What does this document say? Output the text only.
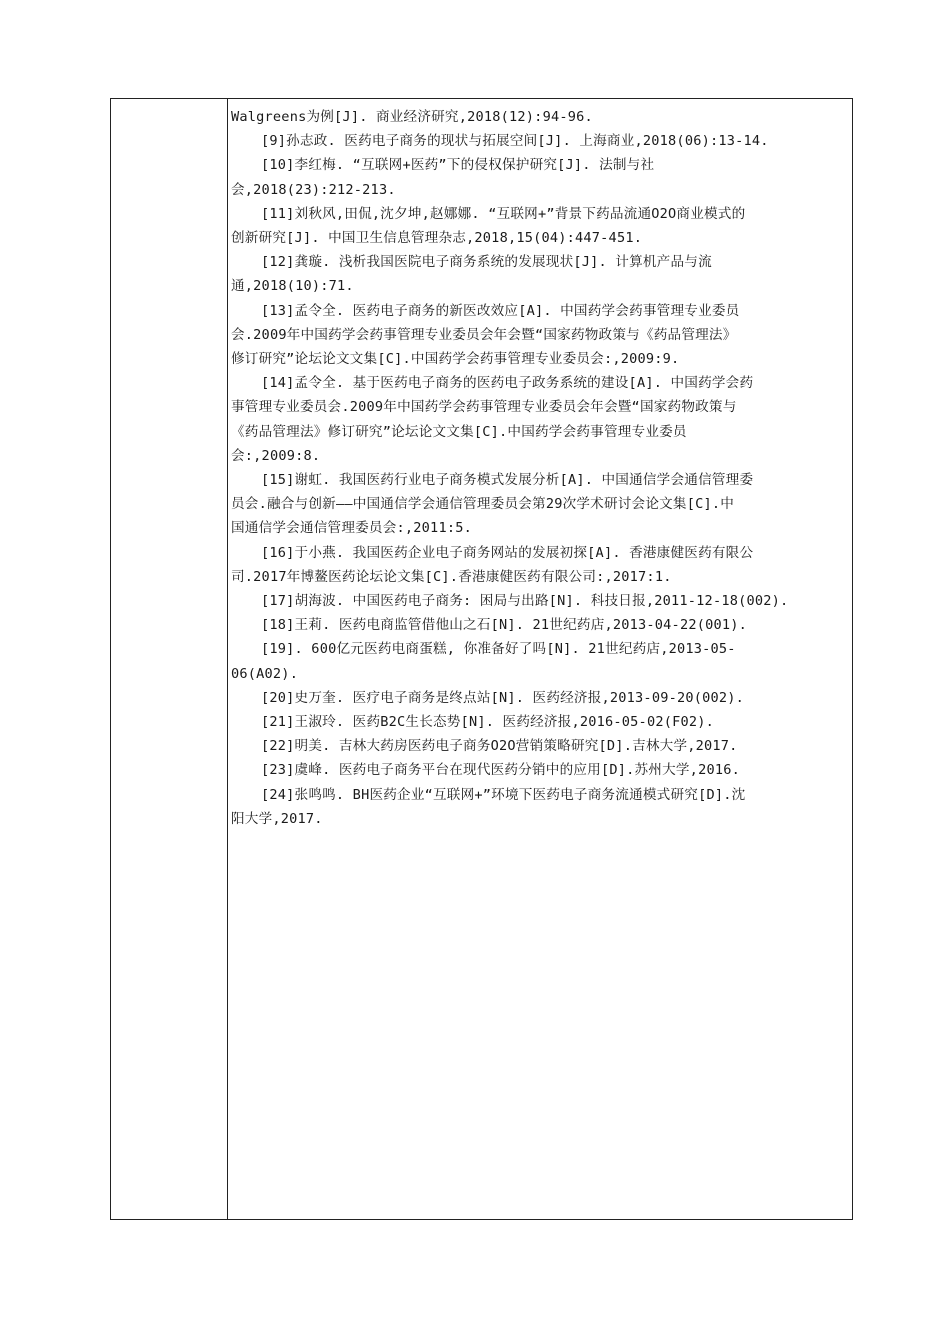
Walgreens为例[J]. 商业经济研究,2018(12):94-96.
[9]孙志政. 医药电子商务的现状与拓展空间[J]. 上海商业,2018(06):13-14.
[10]李红梅. “互联网+医药”下的侵权保护研究[J]. 法制与社
会,2018(23):212-213.
[11]刘秋风,田侃,沈夕坤,赵娜娜. “互联网+”背景下药品流通O2O商业模式的
创新研究[J]. 中国卫生信息管理杂志,2018,15(04):447-451.
[12]龚璇. 浅析我国医院电子商务系统的发展现状[J]. 计算机产品与流
通,2018(10):71.
[13]孟令全. 医药电子商务的新医改效应[A]. 中国药学会药事管理专业委员
会.2009年中国药学会药事管理专业委员会年会暨“国家药物政策与《药品管理法》
修订研究”论坛论文文集[C].中国药学会药事管理专业委员会:,2009:9.
[14]孟令全. 基于医药电子商务的医药电子政务系统的建设[A]. 中国药学会药
事管理专业委员会.2009年中国药学会药事管理专业委员会年会暨“国家药物政策与
《药品管理法》修订研究”论坛论文文集[C].中国药学会药事管理专业委员
会:,2009:8.
[15]谢虹. 我国医药行业电子商务模式发展分析[A]. 中国通信学会通信管理委
员会.融合与创新——中国通信学会通信管理委员会第29次学术研讨会论文集[C].中
国通信学会通信管理委员会:,2011:5.
[16]于小燕. 我国医药企业电子商务网站的发展初探[A]. 香港康健医药有限公
司.2017年博鳌医药论坛论文集[C].香港康健医药有限公司:,2017:1.
[17]胡海波. 中国医药电子商务: 困局与出路[N]. 科技日报,2011-12-18(002).
[18]王莉. 医药电商监管借他山之石[N]. 21世纪药店,2013-04-22(001).
[19]. 600亿元医药电商蛋糕, 你准备好了吗[N]. 21世纪药店,2013-05-
06(A02).
[20]史万奎. 医疗电子商务是终点站[N]. 医药经济报,2013-09-20(002).
[21]王淑玲. 医药B2C生长态势[N]. 医药经济报,2016-05-02(F02).
[22]明美. 吉林大药房医药电子商务O2O营销策略研究[D].吉林大学,2017.
[23]虞峰. 医药电子商务平台在现代医药分销中的应用[D].苏州大学,2016.
[24]张鸣鸣. BH医药企业“互联网+”环境下医药电子商务流通模式研究[D].沈
阳大学,2017.
